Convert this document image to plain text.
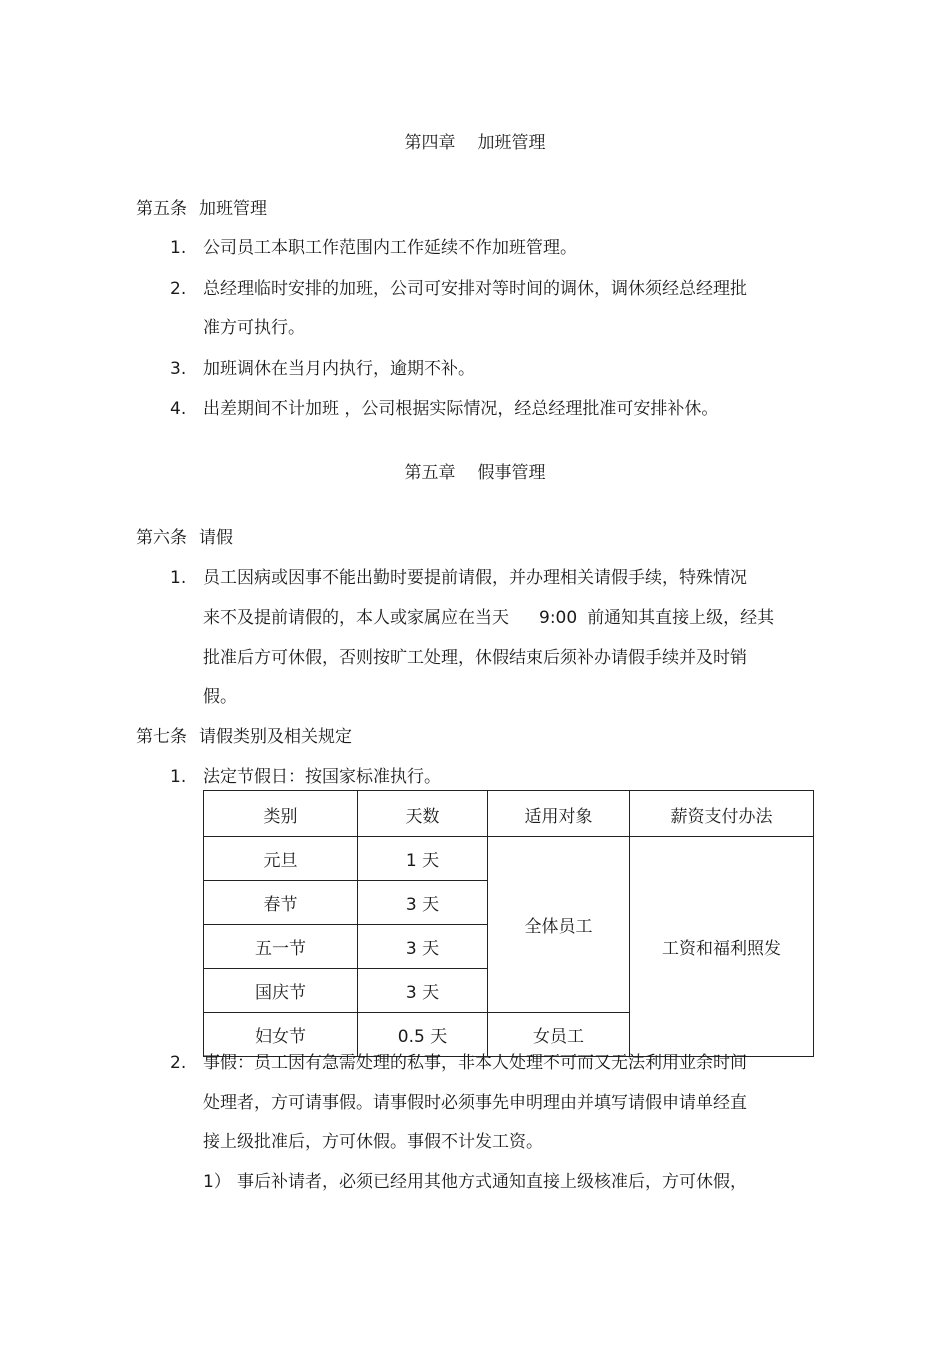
第四章 加班管理
第五条 加班管理
1. 公司员工本职工作范围内工作延续不作加班管理。
2. 总经理临时安排的加班，公司可安排对等时间的调休，调休须经总经理批
准方可执行。
3. 加班调休在当月内执行，逾期不补。
4. 出差期间不计加班 ，公司根据实际情况，经总经理批准可安排补休。
第五章 假事管理
第六条 请假
1. 员工因病或因事不能出勤时要提前请假，并办理相关请假手续，特殊情况
来不及提前请假的，本人或家属应在当天 9:00 前通知其直接上级，经其
批准后方可休假，否则按旷工处理，休假结束后须补办请假手续并及时销
假。
第七条 请假类别及相关规定
1. 法定节假日：按国家标准执行。
类别	天数	适用对象	薪资支付办法
元旦	1 天	全体员工	工资和福利照发
春节	3 天		
五一节	3 天		
国庆节	3 天		
妇女节	0.5 天	女员工	
2. 事假：员工因有急需处理的私事，非本人处理不可而又无法利用业余时间
处理者，方可请事假。请事假时必须事先申明理由并填写请假申请单经直
接上级批准后，方可休假。事假不计发工资。
1） 事后补请者，必须已经用其他方式通知直接上级核准后，方可休假，
